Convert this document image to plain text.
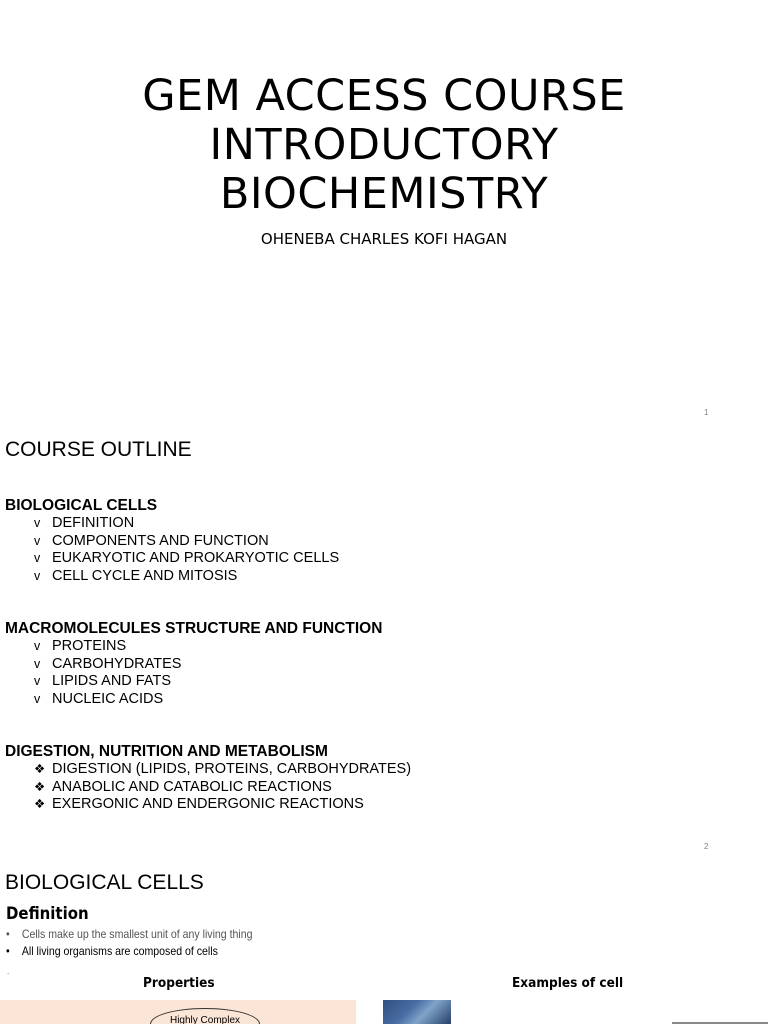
GEM ACCESS COURSE
INTRODUCTORY
BIOCHEMISTRY
OHENEBA CHARLES KOFI HAGAN
1
COURSE OUTLINE
BIOLOGICAL CELLS
v DEFINITION
v COMPONENTS AND FUNCTION
v EUKARYOTIC AND PROKARYOTIC CELLS
v CELL CYCLE AND MITOSIS
MACROMOLECULES STRUCTURE AND FUNCTION
v PROTEINS
v CARBOHYDRATES
v LIPIDS AND FATS
v NUCLEIC ACIDS
DIGESTION, NUTRITION AND METABOLISM
❖ DIGESTION (LIPIDS, PROTEINS, CARBOHYDRATES)
❖ ANABOLIC AND CATABOLIC REACTIONS
❖ EXERGONIC AND ENDERGONIC REACTIONS
2
BIOLOGICAL CELLS
Definition
• Cells make up the smallest unit of any living thing
• All living organisms are composed of cells
.
Properties	Examples of cell
Highly Complex
